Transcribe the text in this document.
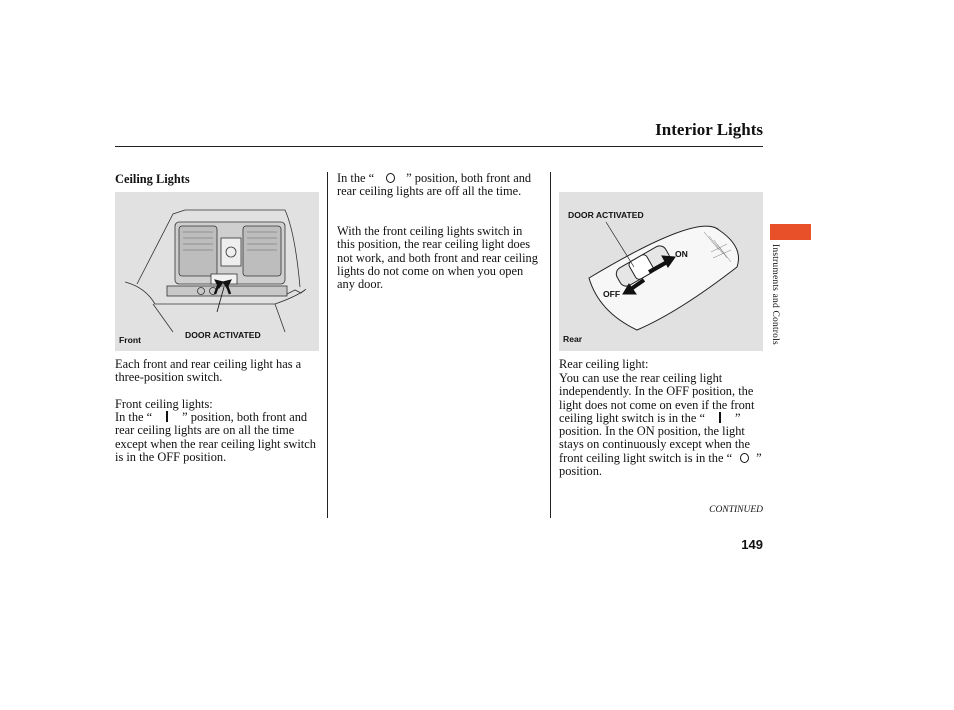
Interior Lights
Ceiling Lights
Front	DOOR ACTIVATED
Each front and rear ceiling light has a three-position switch.
Front ceiling lights:
In the “ ” position, both front and rear ceiling lights are on all the time except when the rear ceiling light switch is in the OFF position.
In the “	” position, both front and rear ceiling lights are off all the time.
With the front ceiling lights switch in this position, the rear ceiling light does not work, and both front and rear ceiling lights do not come on when you open any door.
DOOR ACTIVATED
ON
OFF
Rear
Rear ceiling light:
You can use the rear ceiling light independently. In the OFF position, the light does not come on even if the front ceiling light switch is in the “ ” position. In the ON position, the light stays on continuously except when the front ceiling light switch is in the “ ” position.
Instruments and Controls
CONTINUED
149
